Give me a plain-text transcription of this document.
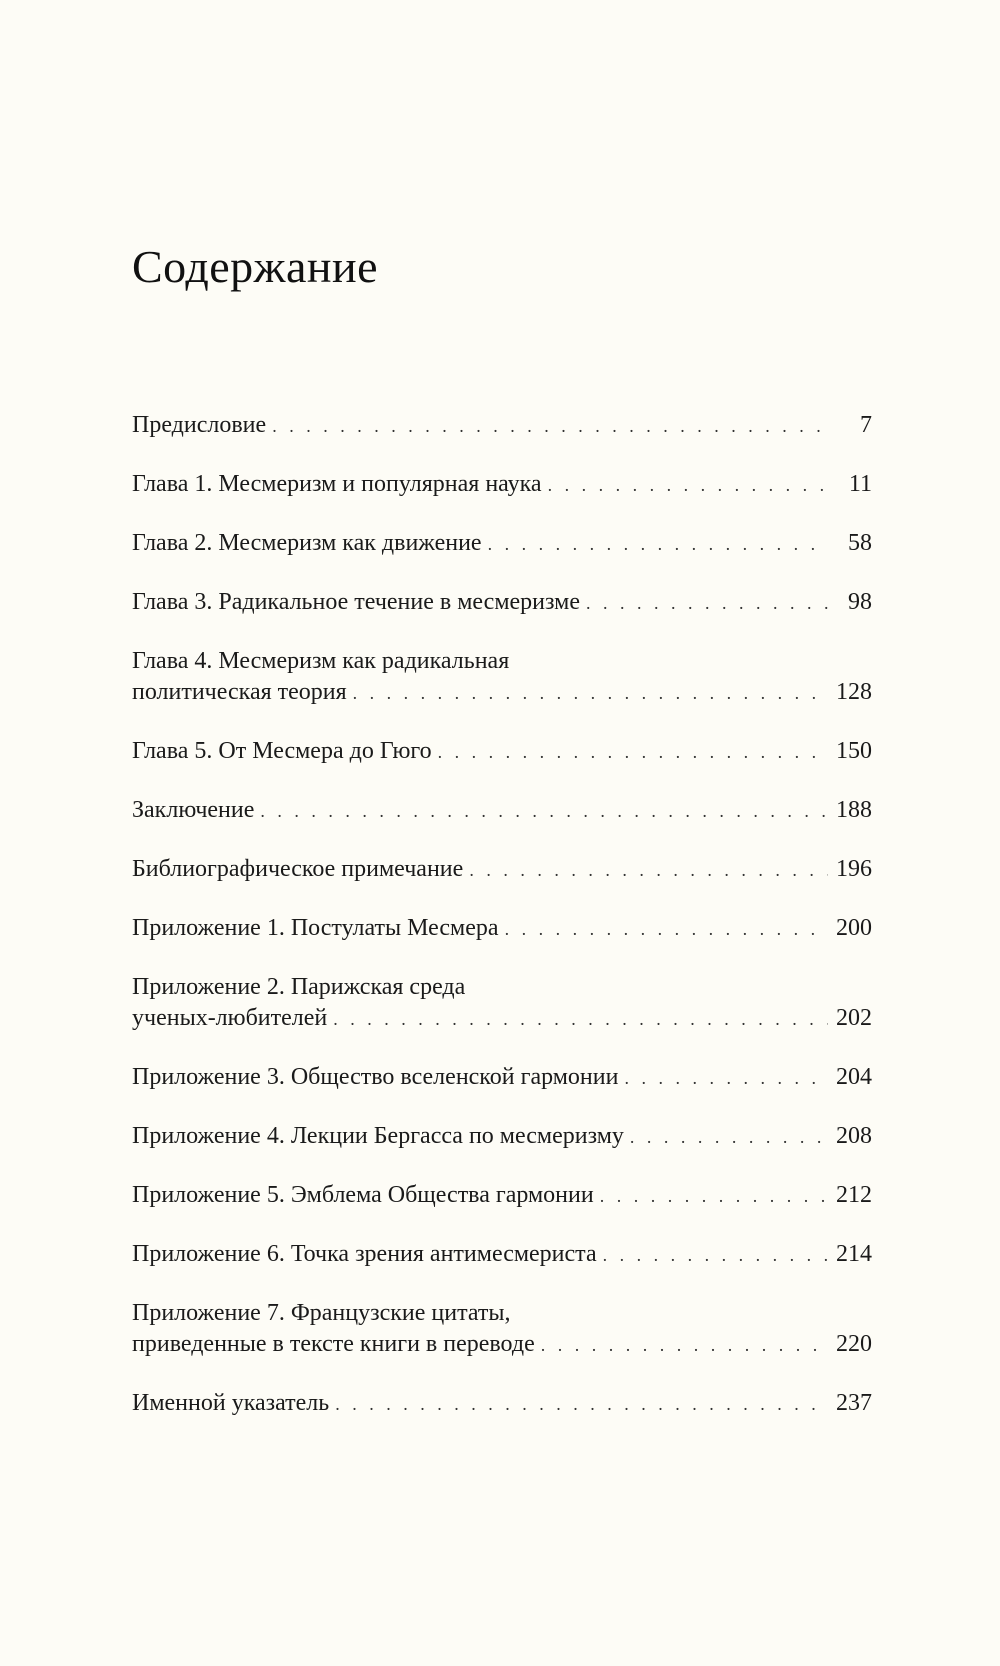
Содержание
Предисловие . . .	7
Глава 1. Месмеризм и популярная наука . . .	11
Глава 2. Месмеризм как движение . . .	58
Глава 3. Радикальное течение в месмеризме . . .	98
Глава 4. Месмеризм как радикальная
политическая теория . . .	128
Глава 5. От Месмера до Гюго . . .	150
Заключение . . .	188
Библиографическое примечание . . .	196
Приложение 1. Постулаты Месмера . . .	200
Приложение 2. Парижская среда
ученых-любителей . . .	202
Приложение 3. Общество вселенской гармонии . . .	204
Приложение 4. Лекции Бергасса по месмеризму . . .	208
Приложение 5. Эмблема Общества гармонии . . .	212
Приложение 6. Точка зрения антимесмериста . . .	214
Приложение 7. Французские цитаты,
приведенные в тексте книги в переводе . . .	220
Именной указатель . . .	237
